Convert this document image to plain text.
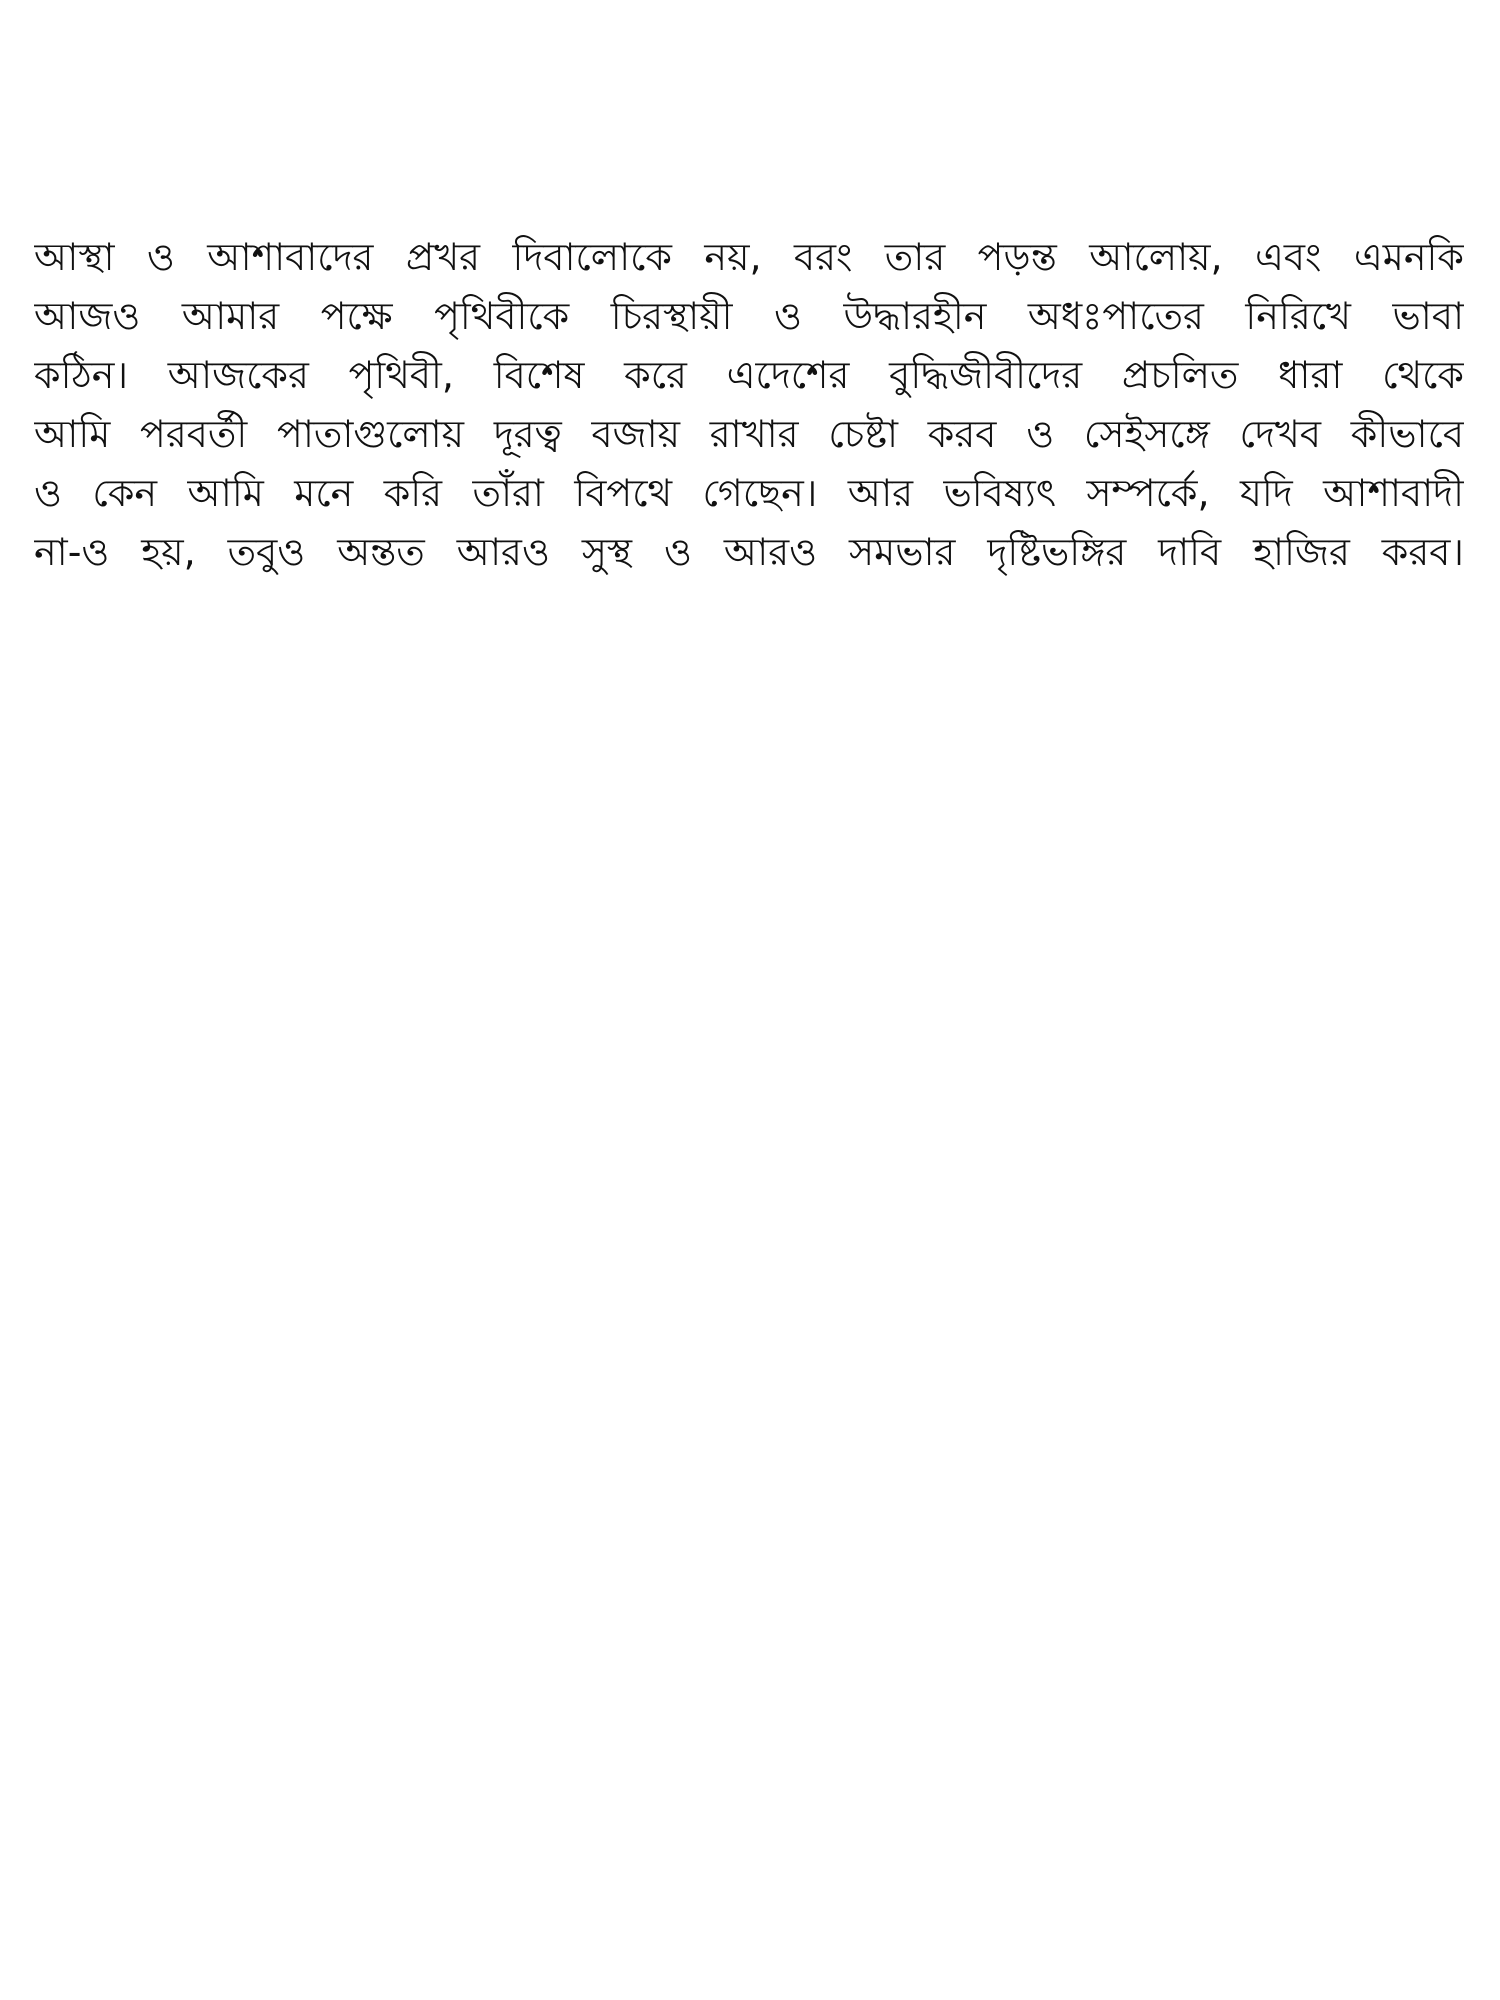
আস্থা ও আশাবাদের প্রখর দিবালোকে নয়, বরং তার পড়ন্ত আলোয়, এবং এমনকি
আজও আমার পক্ষে পৃথিবীকে চিরস্থায়ী ও উদ্ধারহীন অধঃপাতের নিরিখে ভাবা
কঠিন। আজকের পৃথিবী, বিশেষ করে এদেশের বুদ্ধিজীবীদের প্রচলিত ধারা থেকে
আমি পরবর্তী পাতাগুলোয় দূরত্ব বজায় রাখার চেষ্টা করব ও সেইসঙ্গে দেখব কীভাবে
ও কেন আমি মনে করি তাঁরা বিপথে গেছেন। আর ভবিষ্যৎ সম্পর্কে, যদি আশাবাদী
না-ও হয়, তবুও অন্তত আরও সুস্থ ও আরও সমভার দৃষ্টিভঙ্গির দাবি হাজির করব।
